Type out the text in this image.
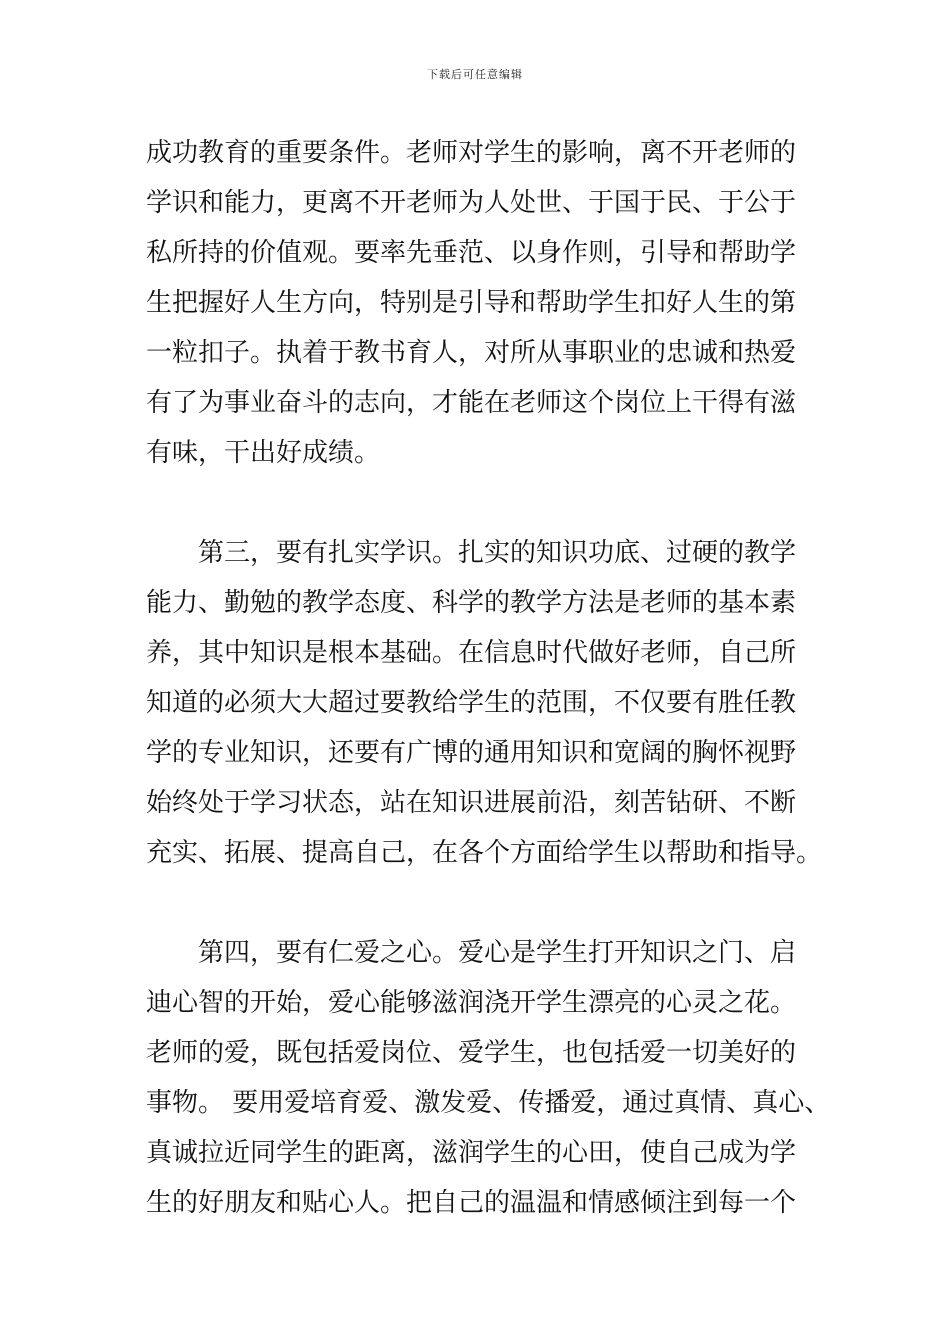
下载后可任意编辑
成功教育的重要条件。老师对学生的影响，离不开老师的
学识和能力，更离不开老师为人处世、于国于民、于公于
私所持的价值观。要率先垂范、以身作则，引导和帮助学
生把握好人生方向，特别是引导和帮助学生扣好人生的第
一粒扣子。执着于教书育人，对所从事职业的忠诚和热爱
有了为事业奋斗的志向，才能在老师这个岗位上干得有滋
有味，干出好成绩。
第三，要有扎实学识。扎实的知识功底、过硬的教学
能力、勤勉的教学态度、科学的教学方法是老师的基本素
养，其中知识是根本基础。在信息时代做好老师，自己所
知道的必须大大超过要教给学生的范围，不仅要有胜任教
学的专业知识，还要有广博的通用知识和宽阔的胸怀视野
始终处于学习状态，站在知识进展前沿，刻苦钻研、不断
充实、拓展、提高自己，在各个方面给学生以帮助和指导。
第四，要有仁爱之心。爱心是学生打开知识之门、启
迪心智的开始，爱心能够滋润浇开学生漂亮的心灵之花。
老师的爱，既包括爱岗位、爱学生，也包括爱一切美好的
事物。 要用爱培育爱、激发爱、传播爱，通过真情、真心、
真诚拉近同学生的距离，滋润学生的心田，使自己成为学
生的好朋友和贴心人。把自己的温温和情感倾注到每一个
